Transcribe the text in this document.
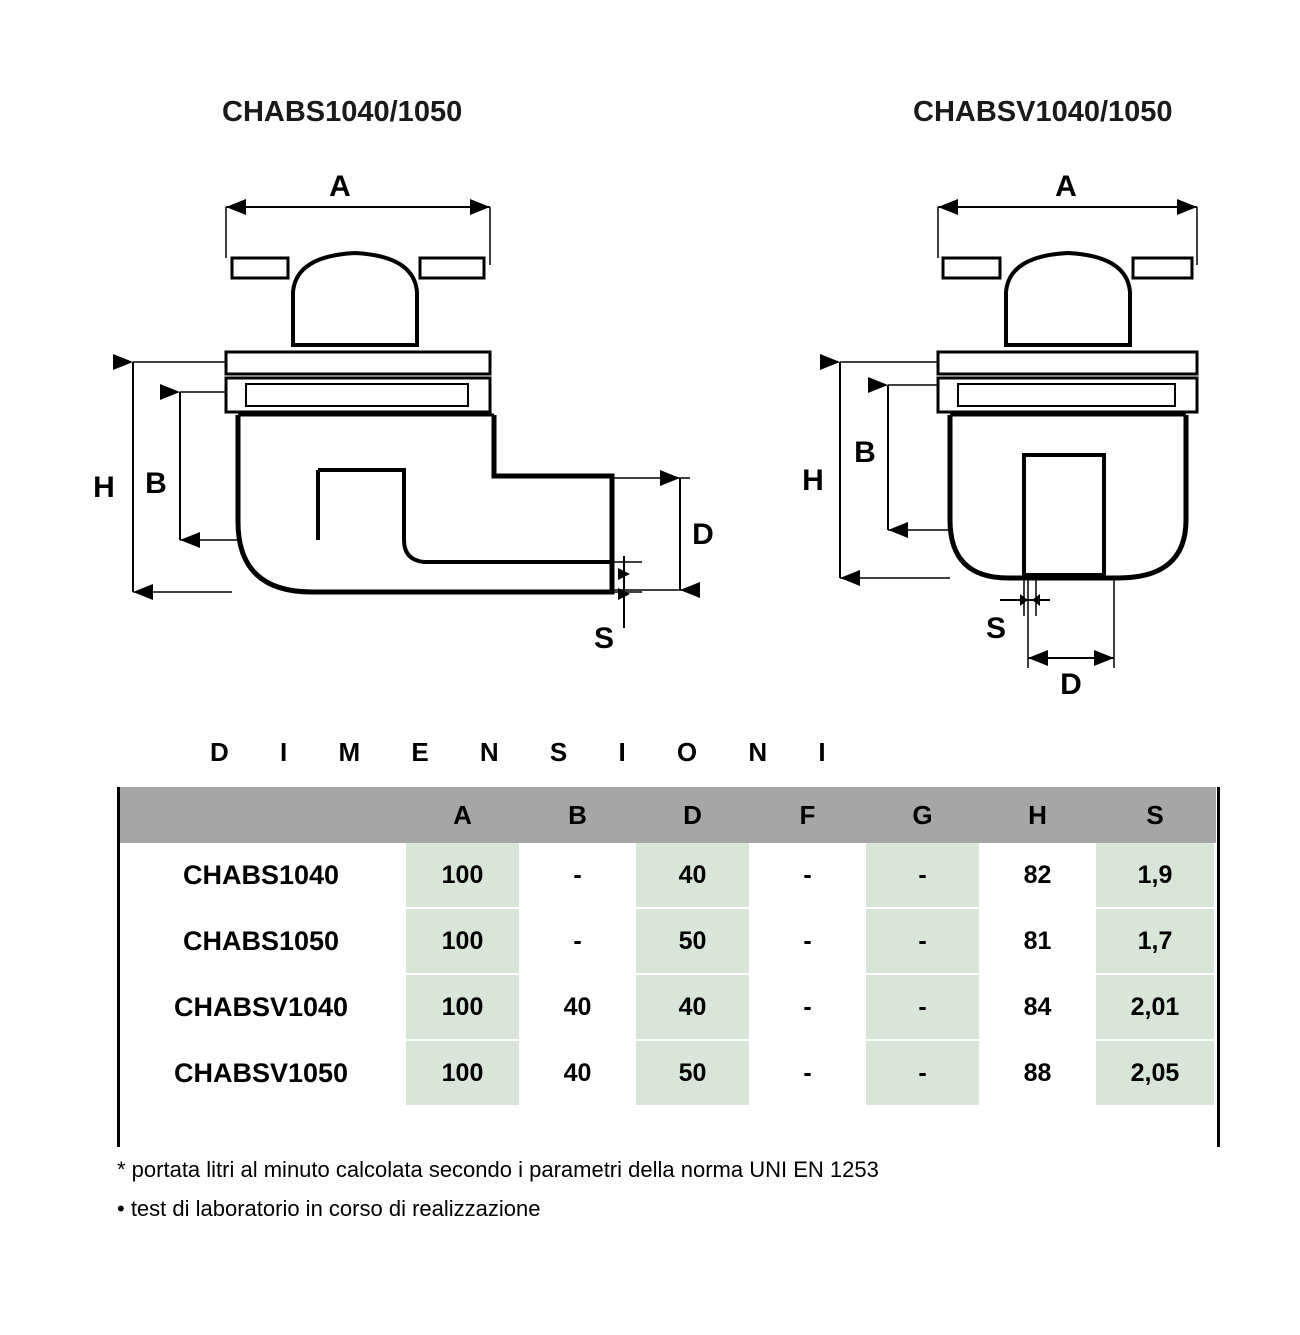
CHABS1040/1050	CHABSV1040/1050
A
H B
D
S
A
H
B
S
D
D I M E N S I O N I
	A	B	D	F	G	H	S
CHABS1040	100	-	40	-	-	82	1,9
CHABS1050	100	-	50	-	-	81	1,7
CHABSV1040	100	40	40	-	-	84	2,01
CHABSV1050	100	40	50	-	-	88	2,05
* portata litri al minuto calcolata secondo i parametri della norma UNI EN 1253
• test di laboratorio in corso di realizzazione
